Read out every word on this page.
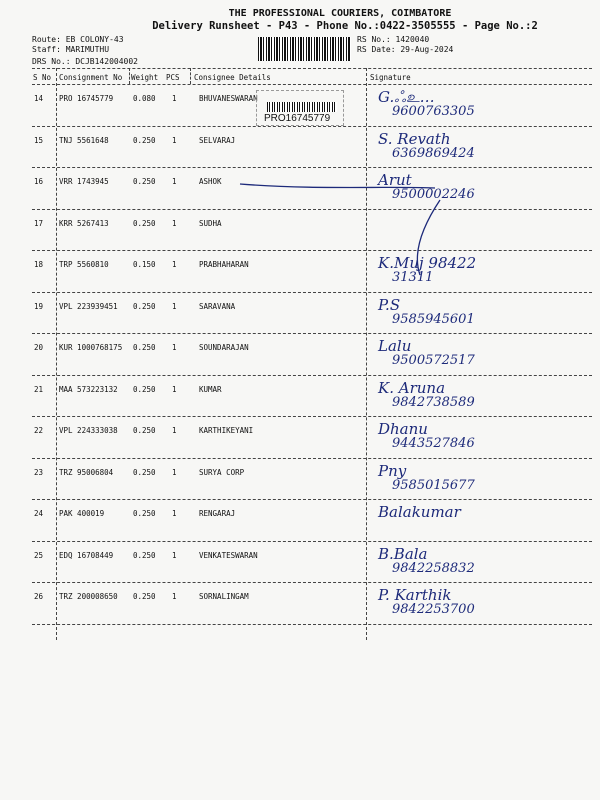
THE PROFESSIONAL COURIERS, COIMBATORE
Delivery Runsheet - P43 - Phone No.:0422-3505555 - Page No.:2
Route: EB COLONY-43
Staff: MARIMUTHU
DRS No.: DCJB142004002
RS No.: 1420040
RS Date: 29-Aug-2024
S No Consignment No Weight PCS Consignee Details	Signature
14 PRO 16745779	0.080 1	BHUVANESWARAN	G.ஃஉ…
9600763305
15 TNJ 5561648	0.250 1	SELVARAJ	S. Revath
6369869424
16 VRR 1743945	0.250 1	ASHOK	Arut
9500002246
17 KRR 5267413	0.250 1	SUDHA
18 TRP 5560810	0.150 1	PRABHAHARAN	K.Muj 98422
31311
19 VPL 223939451 0.250 1	SARAVANA	P.S
9585945601
20 KUR 1000768175 0.250 1	SOUNDARAJAN	Lalu
9500572517
21 MAA 573223132 0.250 1	KUMAR	K. Aruna
9842738589
22 VPL 224333038 0.250 1	KARTHIKEYANI	Dhanu
9443527846
23 TRZ 95006804	0.250 1	SURYA CORP	Pny
9585015677
24 PAK 400019	0.250 1	RENGARAJ	Balakumar
25 EDQ 16708449	0.250 1	VENKATESWARAN	B.Bala
9842258832
26 TRZ 200008650 0.250 1	SORNALINGAM	P. Karthik
9842253700
PRO16745779
